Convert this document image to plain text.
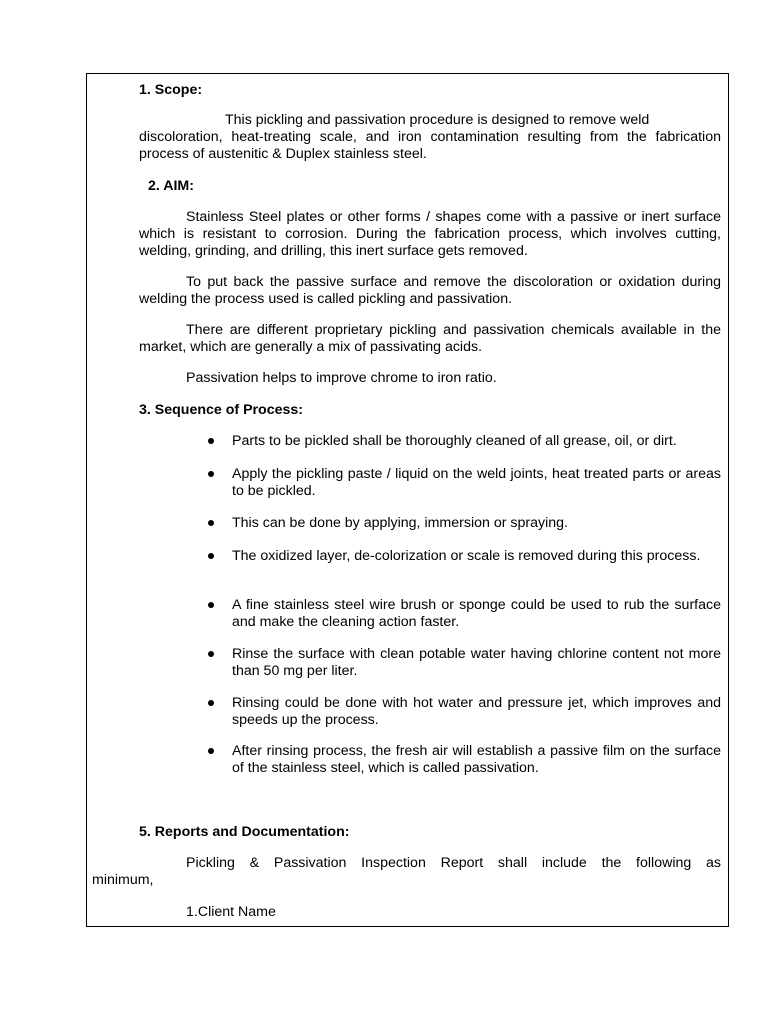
1. Scope:
This pickling and passivation procedure is designed to remove weld
discoloration, heat-treating scale, and iron contamination resulting from the fabrication process of austenitic & Duplex stainless steel.
2. AIM:
Stainless Steel plates or other forms / shapes come with a passive or inert surface which is resistant to corrosion. During the fabrication process, which involves cutting, welding, grinding, and drilling, this inert surface gets removed.
To put back the passive surface and remove the discoloration or oxidation during welding the process used is called pickling and passivation.
There are different proprietary pickling and passivation chemicals available in the market, which are generally a mix of passivating acids.
Passivation helps to improve chrome to iron ratio.
3. Sequence of Process:
Parts to be pickled shall be thoroughly cleaned of all grease, oil, or dirt.
Apply the pickling paste / liquid on the weld joints, heat treated parts or areas to be pickled.
This can be done by applying, immersion or spraying.
The oxidized layer, de-colorization or scale is removed during this process.
A fine stainless steel wire brush or sponge could be used to rub the surface and make the cleaning action faster.
Rinse the surface with clean potable water having chlorine content not more than 50 mg per liter.
Rinsing could be done with hot water and pressure jet, which improves and speeds up the process.
After rinsing process, the fresh air will establish a passive film on the surface of the stainless steel, which is called passivation.
5. Reports and Documentation:
Pickling & Passivation Inspection Report shall include the following as
minimum,
1.Client Name
